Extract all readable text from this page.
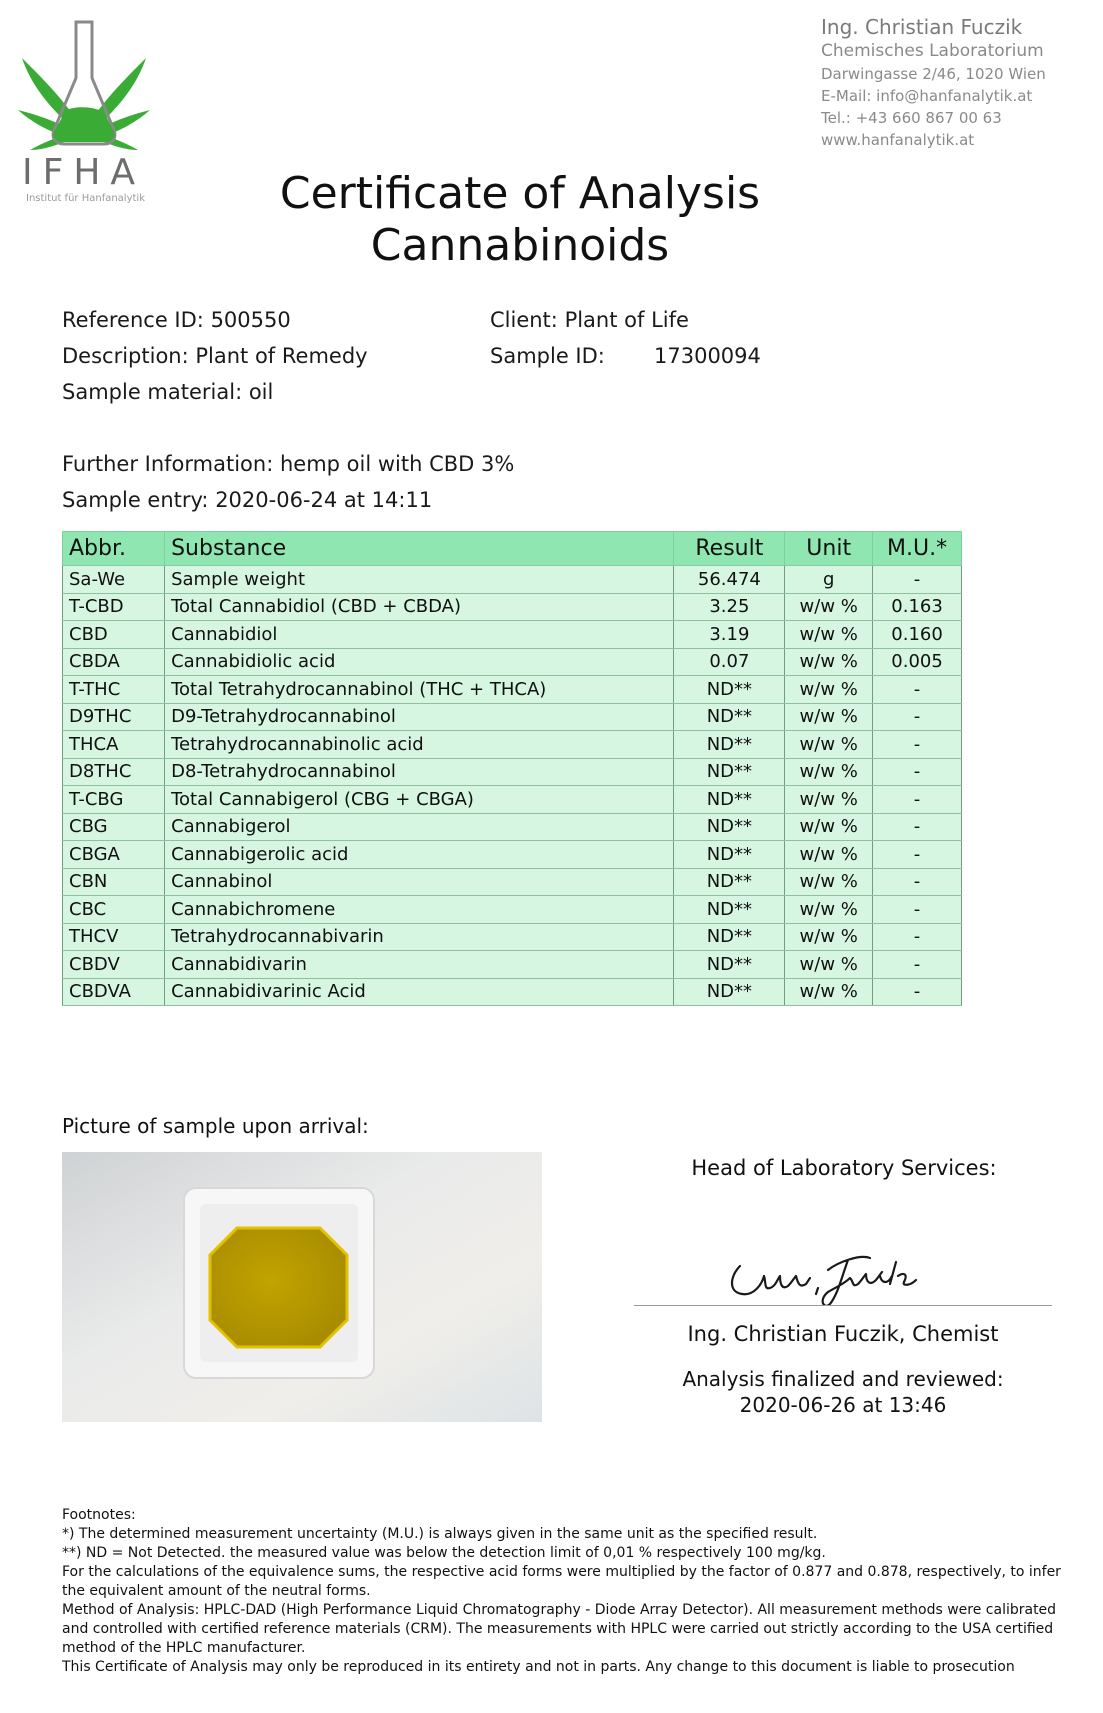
IFHA
Institut für Hanfanalytik
Ing. Christian Fuczik
Chemisches Laboratorium
Darwingasse 2/46, 1020 Wien
E-Mail: info@hanfanalytik.at
Tel.: +43 660 867 00 63
www.hanfanalytik.at
Certificate of Analysis
Cannabinoids
Reference ID: 500550
Description: Plant of Remedy
Sample material: oil
Client: Plant of Life
Sample ID: 17300094
Further Information: hemp oil with CBD 3%
Sample entry: 2020-06-24 at 14:11
Abbr.	Substance	Result	Unit	M.U.*
Sa-We	Sample weight	56.474	g	-
T-CBD	Total Cannabidiol (CBD + CBDA)	3.25	w/w %	0.163
CBD	Cannabidiol	3.19	w/w %	0.160
CBDA	Cannabidiolic acid	0.07	w/w %	0.005
T-THC	Total Tetrahydrocannabinol (THC + THCA)	ND**	w/w %	-
D9THC	D9-Tetrahydrocannabinol	ND**	w/w %	-
THCA	Tetrahydrocannabinolic acid	ND**	w/w %	-
D8THC	D8-Tetrahydrocannabinol	ND**	w/w %	-
T-CBG	Total Cannabigerol (CBG + CBGA)	ND**	w/w %	-
CBG	Cannabigerol	ND**	w/w %	-
CBGA	Cannabigerolic acid	ND**	w/w %	-
CBN	Cannabinol	ND**	w/w %	-
CBC	Cannabichromene	ND**	w/w %	-
THCV	Tetrahydrocannabivarin	ND**	w/w %	-
CBDV	Cannabidivarin	ND**	w/w %	-
CBDVA	Cannabidivarinic Acid	ND**	w/w %	-
Picture of sample upon arrival:
Head of Laboratory Services:
Ing. Christian Fuczik, Chemist
Analysis finalized and reviewed:
2020-06-26 at 13:46
Footnotes:
*) The determined measurement uncertainty (M.U.) is always given in the same unit as the specified result.
**) ND = Not Detected. the measured value was below the detection limit of 0,01 % respectively 100 mg/kg.
For the calculations of the equivalence sums, the respective acid forms were multiplied by the factor of 0.877 and 0.878, respectively, to infer the equivalent amount of the neutral forms.
Method of Analysis: HPLC-DAD (High Performance Liquid Chromatography - Diode Array Detector). All measurement methods were calibrated and controlled with certified reference materials (CRM). The measurements with HPLC were carried out strictly according to the USA certified method of the HPLC manufacturer.
This Certificate of Analysis may only be reproduced in its entirety and not in parts. Any change to this document is liable to prosecution
